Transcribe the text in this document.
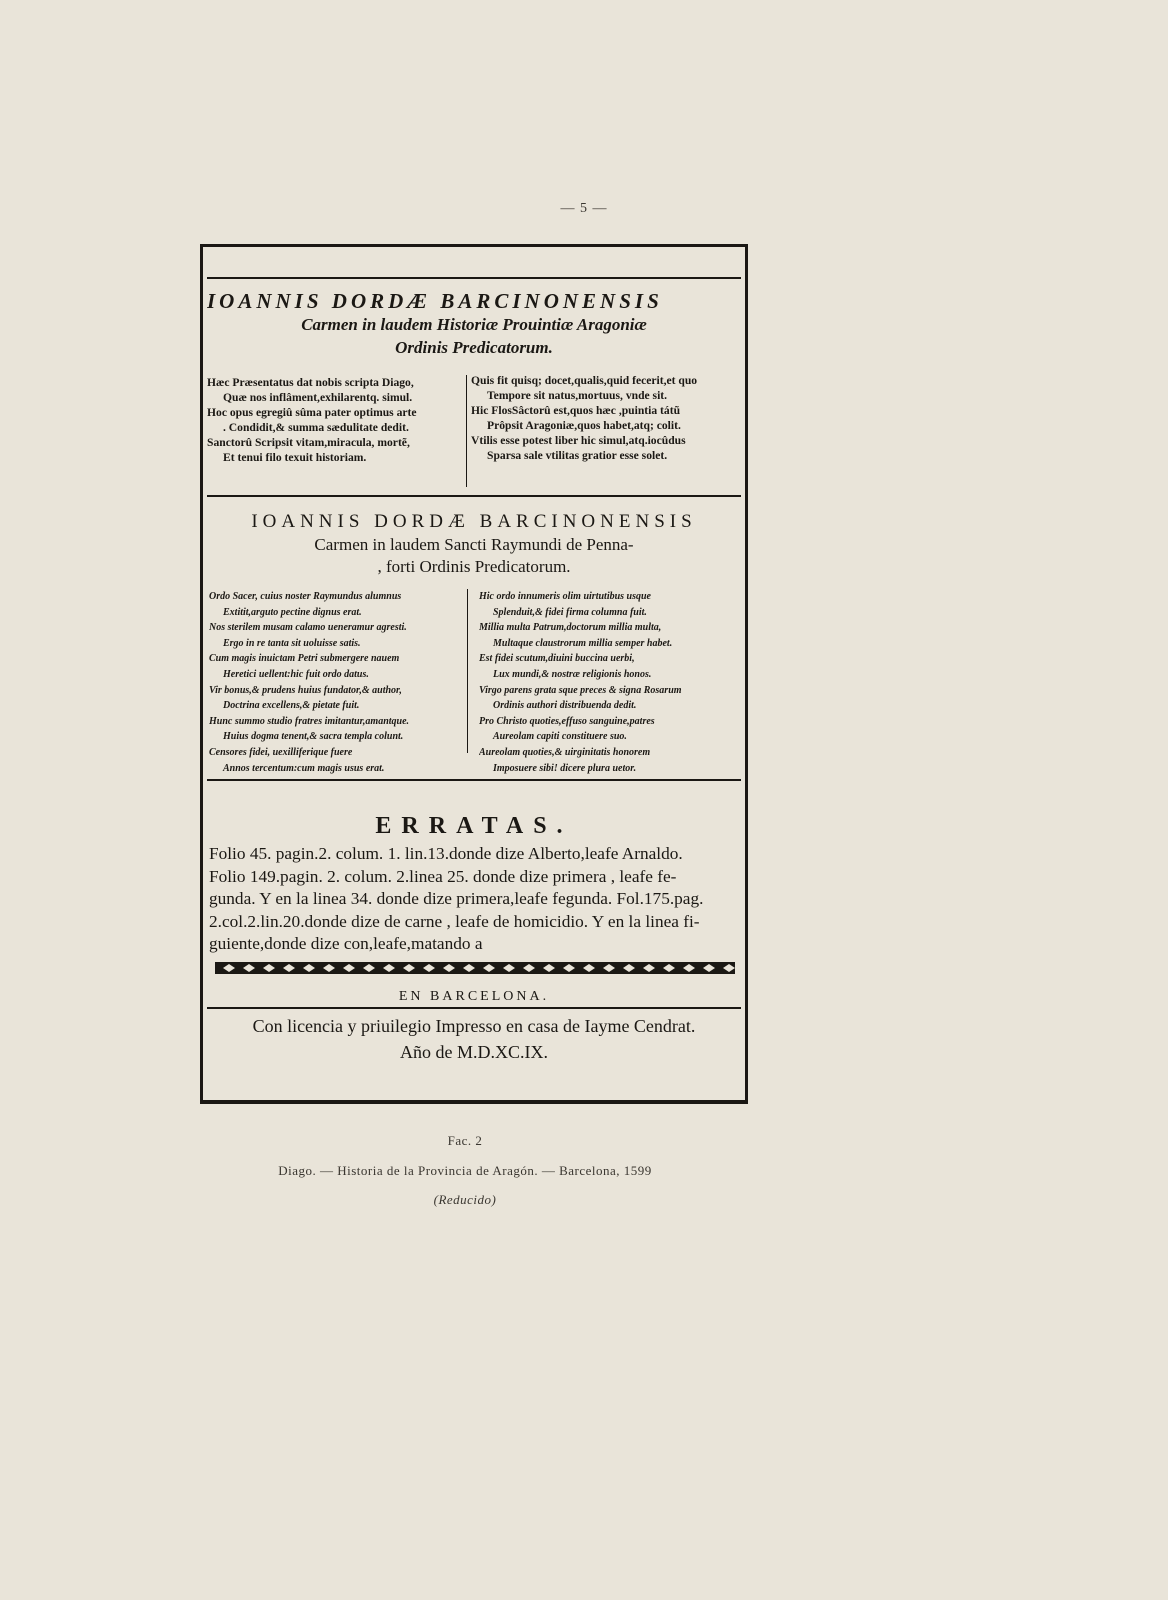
— 5 —
IOANNIS DORDÆ BARCINONENSIS
Carmen in laudem Historiæ Prouintiæ Aragoniæ
Ordinis Predicatorum.
Hæc Præsentatus dat nobis scripta Diago,
Quæ nos inflâment,exhilarentq. simul.
Hoc opus egregiû sûma pater optimus arte
. Condidit,& summa sædulitate dedit.
Sanctorû Scripsit vitam,miracula, mortẽ,
Et tenui filo texuit historiam.
Quis fit quisq; docet,qualis,quid fecerit,et quo
Tempore sit natus,mortuus, vnde sit.
Hic FlosSâctorû est,quos hæc ,puintia tátũ
Prôpsit Aragoniæ,quos habet,atq; colit.
Vtilis esse potest liber hic simul,atq.iocûdus
Sparsa sale vtilitas gratior esse solet.
IOANNIS DORDÆ BARCINONENSIS
Carmen in laudem Sancti Raymundi de Penna-
, forti Ordinis Predicatorum.
Ordo Sacer, cuius noster Raymundus alumnus
Extitit,arguto pectine dignus erat.
Nos sterilem musam calamo ueneramur agresti.
Ergo in re tanta sit uoluisse satis.
Cum magis inuictam Petri submergere nauem
Heretici uellent:hic fuit ordo datus.
Vir bonus,& prudens huius fundator,& author,
Doctrina excellens,& pietate fuit.
Hunc summo studio fratres imitantur,amantque.
Huius dogma tenent,& sacra templa colunt.
Censores fidei, uexilliferique fuere
Annos tercentum:cum magis usus erat.
Hic ordo innumeris olim uirtutibus usque
Splenduit,& fidei firma columna fuit.
Millia multa Patrum,doctorum millia multa,
Multaque claustrorum millia semper habet.
Est fidei scutum,diuini buccina uerbi,
Lux mundi,& nostræ religionis honos.
Virgo parens grata sque preces & signa Rosarum
Ordinis authori distribuenda dedit.
Pro Christo quoties,effuso sanguine,patres
Aureolam capiti constituere suo.
Aureolam quoties,& uirginitatis honorem
Imposuere sibi! dicere plura uetor.
ERRATAS.
Folio 45. pagin.2. colum. 1. lin.13.donde dize Alberto,leafe Arnaldo.
Folio 149.pagin. 2. colum. 2.linea 25. donde dize primera , leafe fe-
gunda. Y en la linea 34. donde dize primera,leafe fegunda. Fol.175.pag.
2.col.2.lin.20.donde dize de carne , leafe de homicidio. Y en la linea fi-
guiente,donde dize con,leafe,matando a
EN BARCELONA.
Con licencia y priuilegio Impresso en casa de Iayme Cendrat.
Año de M.D.XC.IX.
Fac. 2
Diago. — Historia de la Provincia de Aragón. — Barcelona, 1599
(Reducido)
